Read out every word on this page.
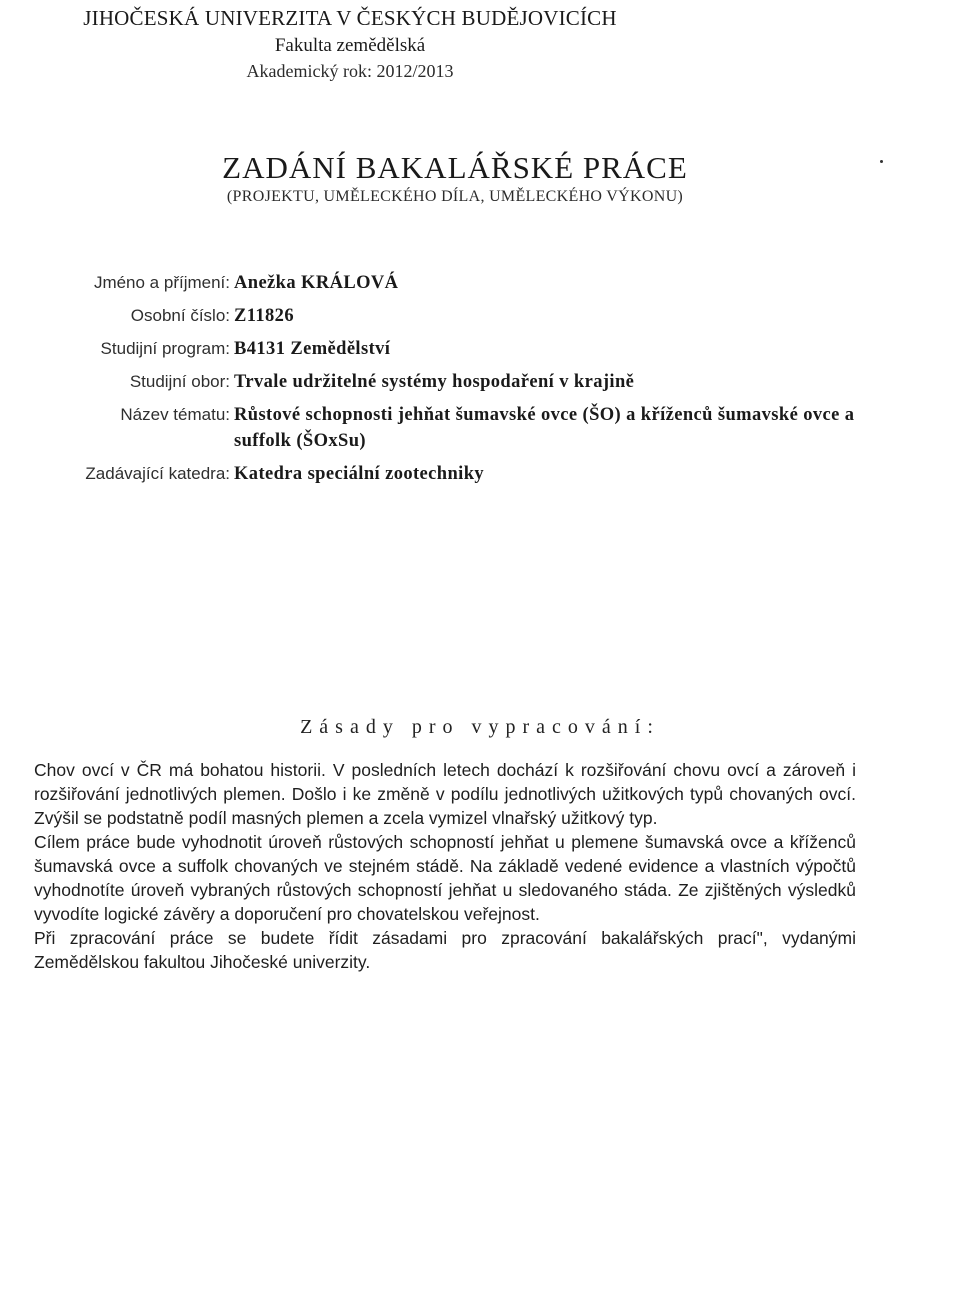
JIHOČESKÁ UNIVERZITA V ČESKÝCH BUDĚJOVICÍCH
Fakulta zemědělská
Akademický rok: 2012/2013
ZADÁNÍ BAKALÁŘSKÉ PRÁCE
(PROJEKTU, UMĚLECKÉHO DÍLA, UMĚLECKÉHO VÝKONU)
Jméno a příjmení: Anežka KRÁLOVÁ
Osobní číslo: Z11826
Studijní program: B4131 Zemědělství
Studijní obor: Trvale udržitelné systémy hospodaření v krajině
Název tématu: Růstové schopnosti jehňat šumavské ovce (ŠO) a kříženců šumavské ovce a suffolk (ŠOxSu)
Zadávající katedra: Katedra speciální zootechniky
Zásady pro vypracování:

Chov ovcí v ČR má bohatou historii. V posledních letech dochází k rozšiřování chovu ovcí a zároveň i rozšiřování jednotlivých plemen. Došlo i ke změně v podílu jednotlivých užitkových typů chovaných ovcí. Zvýšil se podstatně podíl masných plemen a zcela vymizel vlnařský užitkový typ.

Cílem práce bude vyhodnotit úroveň růstových schopností jehňat u plemene šumavská ovce a kříženců šumavská ovce a suffolk chovaných ve stejném stádě. Na základě vedené evidence a vlastních výpočtů vyhodnotíte úroveň vybraných růstových schopností jehňat u sledovaného stáda. Ze zjištěných výsledků vyvodíte logické závěry a doporučení pro chovatelskou veřejnost.

Při zpracování práce se budete řídit zásadami pro zpracování bakalářských prací", vydanými Zemědělskou fakultou Jihočeské univerzity.
